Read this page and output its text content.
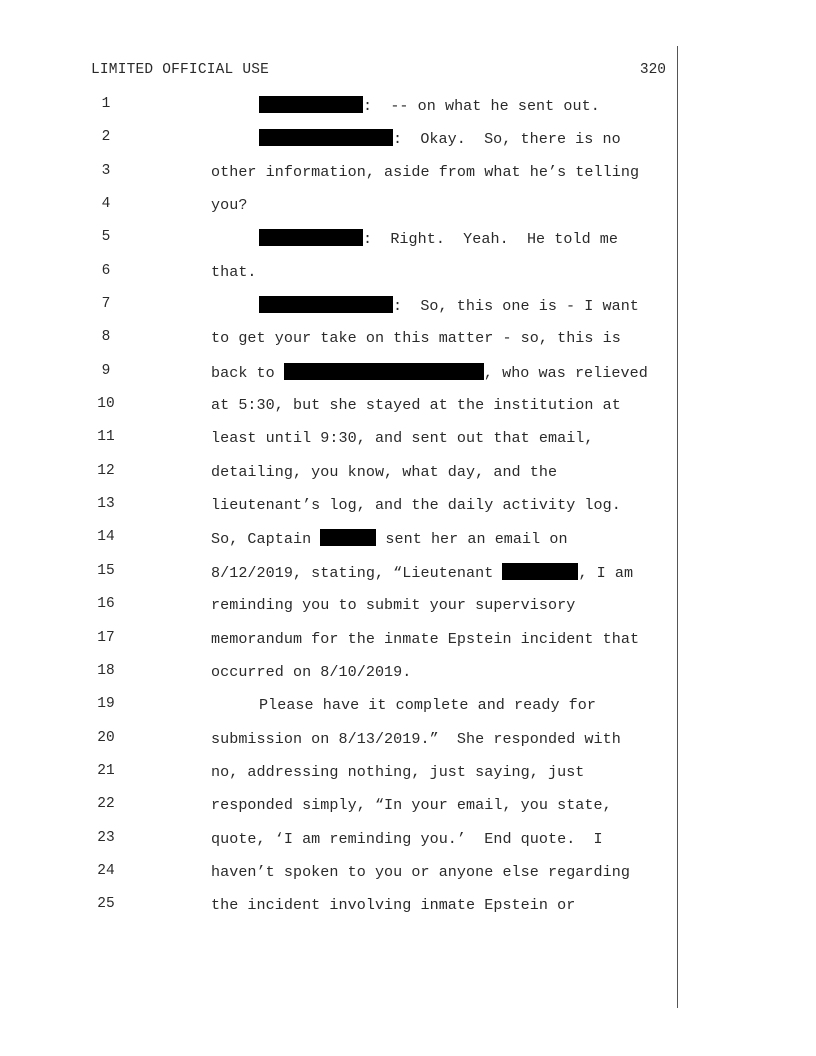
LIMITED OFFICIAL USE	320
1	:  -- on what he sent out.
2	:  Okay.  So, there is no
3	other information, aside from what he’s telling
4	you?
5	:  Right.  Yeah.  He told me
6	that.
7	:  So, this one is - I want
8	to get your take on this matter - so, this is
9	back to	, who was relieved
10	at 5:30, but she stayed at the institution at
11	least until 9:30, and sent out that email,
12	detailing, you know, what day, and the
13	lieutenant’s log, and the daily activity log.
14	So, Captain	sent her an email on
15	8/12/2019, stating, “Lieutenant	, I am
16	reminding you to submit your supervisory
17	memorandum for the inmate Epstein incident that
18	occurred on 8/10/2019.
19	Please have it complete and ready for
20	submission on 8/13/2019.”  She responded with
21	no, addressing nothing, just saying, just
22	responded simply, “In your email, you state,
23	quote, ‘I am reminding you.’  End quote.  I
24	haven’t spoken to you or anyone else regarding
25	the incident involving inmate Epstein or
